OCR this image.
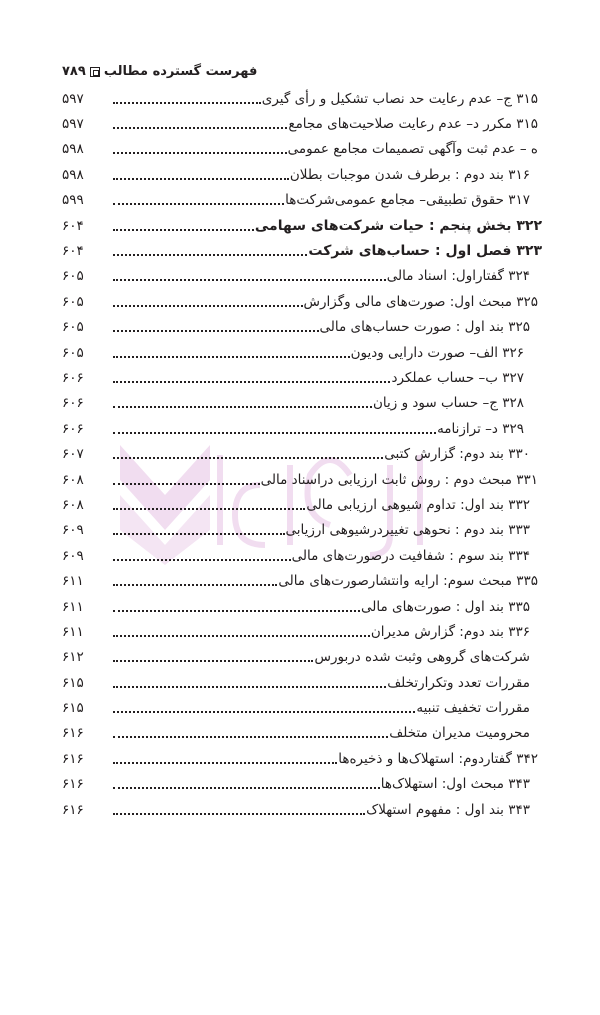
فهرست گسترده مطالب
۷۸۹
۳۱۵ ج– عدم رعایت حد نصاب تشکیل و رأی گیری
۵۹۷
۳۱۵ مکرر د– عدم رعایت صلاحیت‌های مجامع
۵۹۷
ه – عدم ثبت وآگهی تصمیمات مجامع عمومی
۵۹۸
۳۱۶ بند دوم : برطرف شدن موجبات بطلان
۵۹۸
۳۱۷ حقوق تطبیقی– مجامع عمومی‌شرکت‌ها
۵۹۹
۳۲۲ بخش پنجم : حیات شرکت‌های سهامی
۶۰۴
۳۲۳ فصل اول : حساب‌های شرکت
۶۰۴
۳۲۴ گفتاراول: اسناد مالی
۶۰۵
۳۲۵ مبحث اول: صورت‌های مالی وگزارش
۶۰۵
۳۲۵ بند اول : صورت حساب‌های مالی
۶۰۵
۳۲۶ الف– صورت دارایی ودیون
۶۰۵
۳۲۷ ب– حساب عملکرد
۶۰۶
۳۲۸ ج– حساب سود و زیان
۶۰۶
۳۲۹ د– ترازنامه
۶۰۶
۳۳۰ بند دوم: گزارش کتبی
۶۰۷
۳۳۱ مبحث دوم : روش ثابت ارزیابی دراسناد مالی
۶۰۸
۳۳۲ بند اول: تداوم شیوهی ارزیابی مالی
۶۰۸
۳۳۳ بند دوم : نحوهی تغییردرشیوهی ارزیابی
۶۰۹
۳۳۴ بند سوم : شفافیت درصورت‌های مالی
۶۰۹
۳۳۵ مبحث سوم: ارایه وانتشارصورت‌های مالی
۶۱۱
۳۳۵ بند اول : صورت‌های مالی
۶۱۱
۳۳۶ بند دوم: گزارش مدیران
۶۱۱
شرکت‌های گروهی وثبت شده دربورس
۶۱۲
مقررات تعدد وتکرارتخلف
۶۱۵
مقررات تخفیف تنبیه
۶۱۵
محرومیت مدیران متخلف
۶۱۶
۳۴۲ گفتاردوم: استهلاک‌ها و ذخیره‌ها
۶۱۶
۳۴۳ مبحث اول: استهلاک‌ها
۶۱۶
۳۴۳ بند اول : مفهوم استهلاک
۶۱۶
